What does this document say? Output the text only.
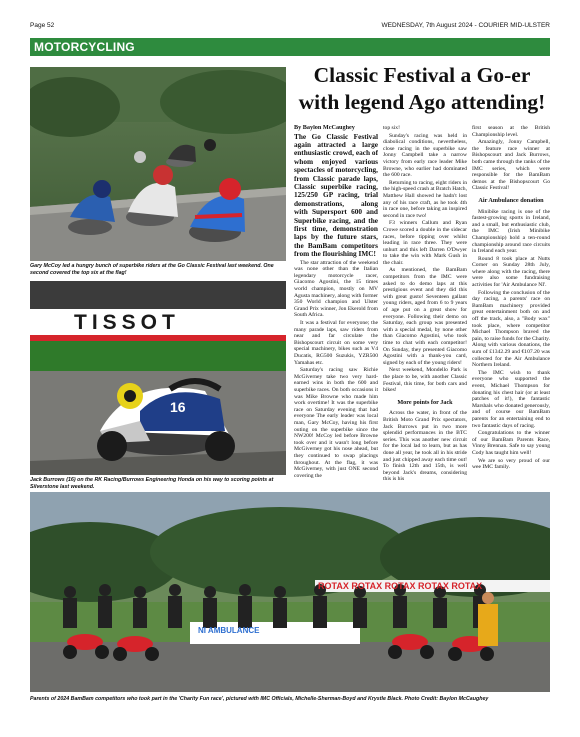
Page 52	WEDNESDAY, 7th August 2024 - COURIER MID-ULSTER
MOTORCYCLING
Gary McCoy led a hungry bunch of superbike riders at the Go Classic Festival last weekend. One second covered the top six at the flag!
TISSOT
16
Jack Burrows (16) on the RK Racing/Burrows Engineering Honda on his way to scoring points at Silverstone last weekend.
Classic Festival a Go-er
with legend Ago attending!

By Baylon McCaughey

The Go Classic Festival again attracted a large enthusiastic crowd, each of whom enjoyed various spectacles of motorcycling, from Classic parade laps, Classic superbike racing, 125/250 GP racing, trial demonstrations, along with Supersport 600 and Superbike racing, and the first time, demonstration laps by the future stars, the BamBam competitors from the flourishing IMC!

The star attraction of the weekend was none other than the Italian legendary motorcycle racer, Giacomo Agostini, the 15 times world champion, mostly on MV Agusta machinery, along with former 350 World champion and Ulster Grand Prix winner, Jon Ekerold from South Africa.

It was a festival for everyone; the many parade laps, saw riders from near and far circulate the Bishopscourt circuit on some very special machinery, bikes such as V4 Ducatis, RG500 Suzukis, YZR500 Yamahas etc.

Saturday's racing saw Richie McGiverney take two very hard-earned wins in both the 600 and superbike races. On both occasions it was Mike Browne who made him work overtime! It was the superbike race on Saturday evening that had everyone The early leader was local man, Gary McCoy, having his first outing on the superbike since the NW200! McCoy led before Browne took over and it wasn't long before McGiverney got his nose ahead, but they continued to swap placings throughout. At the flag, it was McGiverney, with just ONE second covering the

top six!

Sunday's racing was held in diabolical conditions, nevertheless, close racing in the superbike saw Jonny Campbell take a narrow victory from early race leader Mike Browne, who earlier had dominated the 600 race.

Returning to racing, eight riders in the high-speed crash at Bratch Hatch, Matthew Hall showed he hadn't lost any of his race craft, as he took 4th in race one, before taking an inspired second in race two!

F3 winners Callum and Ryan Crowe scored a double in the sidecar races, before tipping over whilst leading in race three. They were unhurt and this left Darren O'Dwyer to take the win with Mark Gush in the chair.

As mentioned, the BamBam competitors from the IMC were asked to do demo laps at this prestigious event and they did this with great gusto! Seventeen gallant young riders, aged from 6 to 9 years of age put on a great show for everyone. Following their demo on Saturday, each group was presented with a special medal, by none other than Giacomo Agostini, who took time to chat with each competitor! On Sunday, they presented Giacomo Agostini with a thank-you card, signed by each of the young riders!

Next weekend, Mondello Park is the place to be, with another Classic Festival, this time, for both cars and bikes!

More points for Jack

Across the water, in front of the British Moto Grand Prix spectators, Jack Burrows put in two more splendid performances in the BTC series. This was another new circuit for the local lad to learn, but as has done all year, he took all in his stride and just chipped away each time out! To finish 12th and 15th, is well beyond Jack's dreams, considering this is his

first season at the British Championship level.

Amazingly, Jonny Campbell, the feature race winner at Bishopscourt and Jack Burrows, both came through the ranks of the IMC series, which were responsible for the BamBam demos at the Bishopscourt Go Classic Festival!

Air Ambulance donation

Minibike racing is one of the fastest-growing sports in Ireland, and a small, but enthusiastic club, the IMC (Irish Minibike Championship) hold a ten-round championship around race circuits in Ireland each year.

Round 8 took place at Nutts Corner on Sunday 28th July, where along with the racing, there were also some fundraising activities for 'Air Ambulance NI'.

Following the conclusion of the day racing, a parents' race on BamBam machinery provided great entertainment both on and off the track, also, a "Body wax" took place, where competitor Michael Thompson braved the pain, to raise funds for the Charity. Along with various donations, the sum of £1342.29 and €107.20 was collected for the Air Ambulance Northern Ireland.

The IMC wish to thank everyone who supported the event, Michael Thompson for donating his chest hair (or at least patches of it!), the fantastic Marshals who donated generously, and of course our BamBam parents for an entertaining end to two fantastic days of racing.

Congratulations to the winner of our BamBam Parents Race, Vinny Brennan. Safe to say young Cody has taught him well!

We are so very proud of our wee IMC family.

ROTAX ROTAX ROTAX ROTAX ROTAX
NI AMBULANCE
Parents of 2024 BamBam competitors who took part in the 'Charity Fun race', pictured with IMC Officials, Michelle-Sherman-Boyd and Krystle Black. Photo Credit: Baylon McCaughey
